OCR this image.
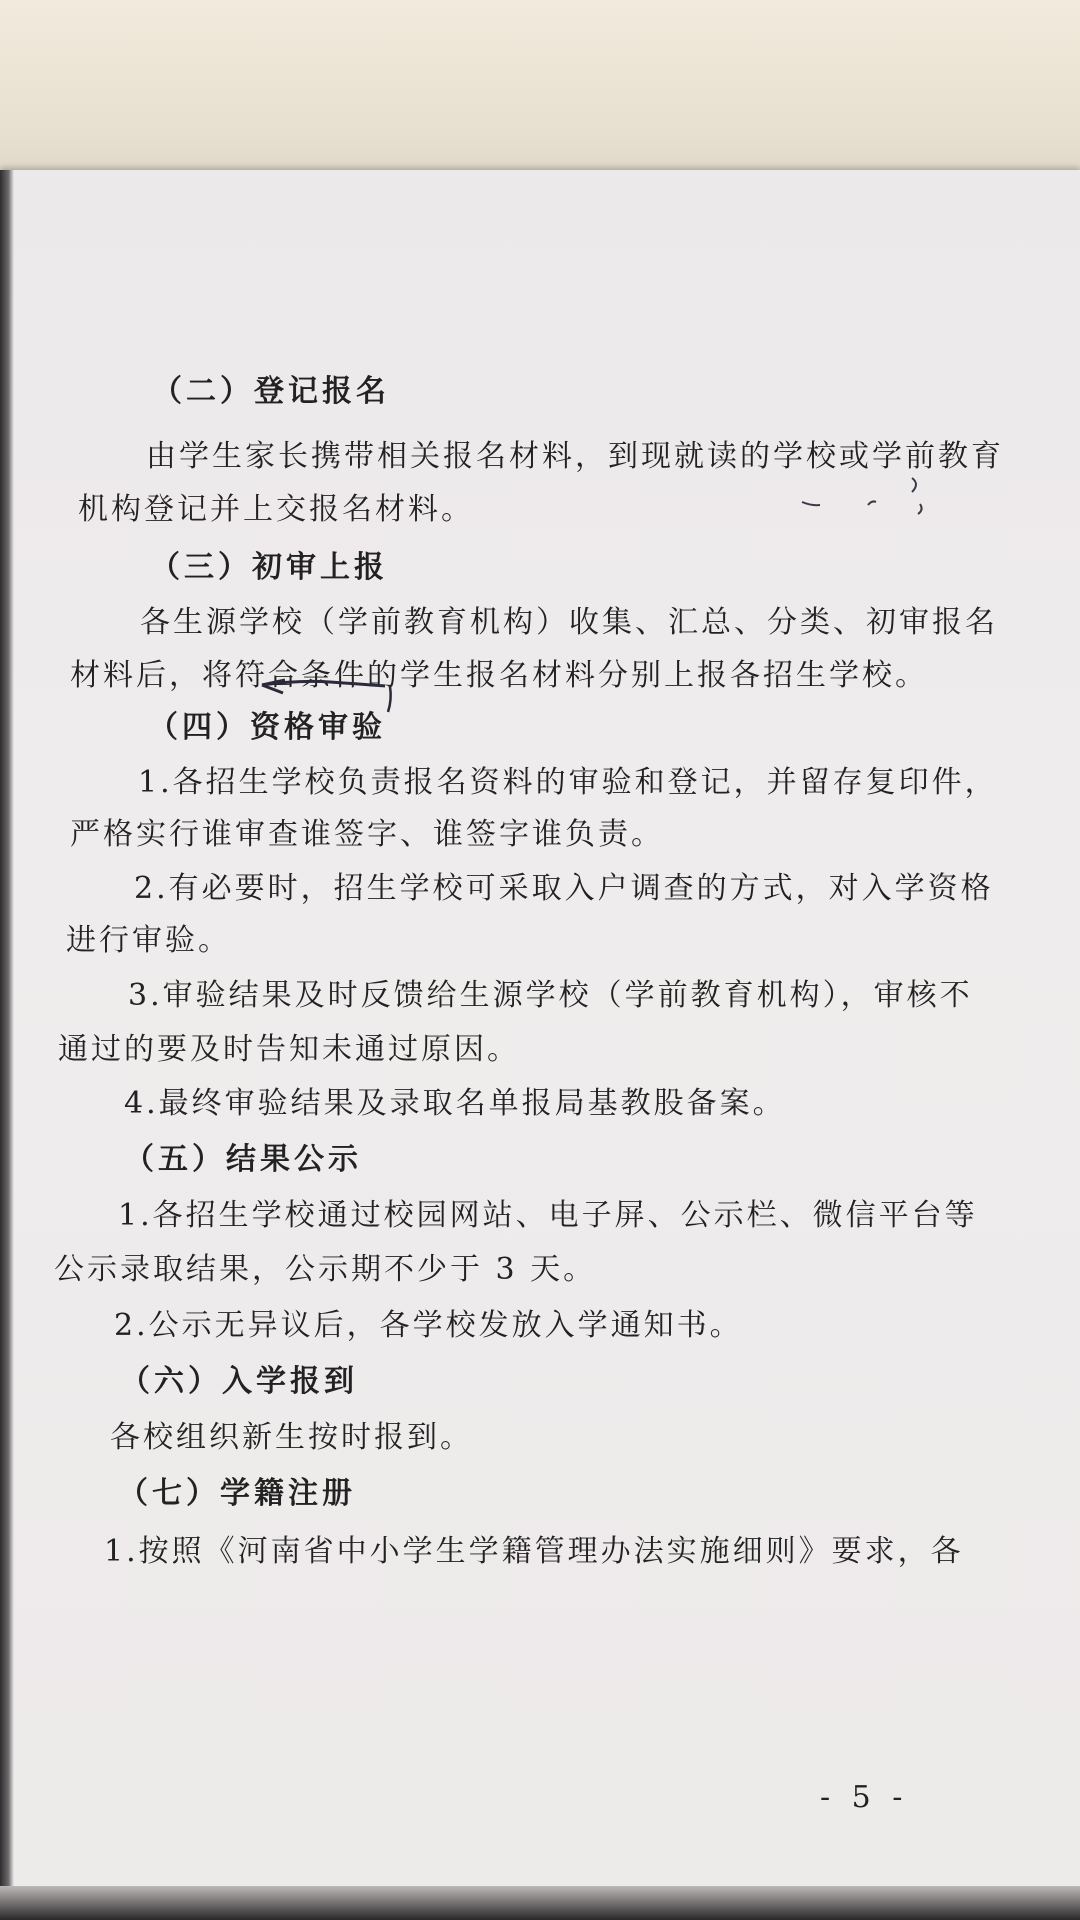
（二）登记报名
由学生家长携带相关报名材料，到现就读的学校或学前教育
机构登记并上交报名材料。
（三）初审上报
各生源学校（学前教育机构）收集、汇总、分类、初审报名
材料后，将符合条件的学生报名材料分别上报各招生学校。
（四）资格审验
1.各招生学校负责报名资料的审验和登记，并留存复印件，
严格实行谁审查谁签字、谁签字谁负责。
2.有必要时，招生学校可采取入户调查的方式，对入学资格
进行审验。
3.审验结果及时反馈给生源学校（学前教育机构），审核不
通过的要及时告知未通过原因。
4.最终审验结果及录取名单报局基教股备案。
（五）结果公示
1.各招生学校通过校园网站、电子屏、公示栏、微信平台等
公示录取结果，公示期不少于 3 天。
2.公示无异议后，各学校发放入学通知书。
（六）入学报到
各校组织新生按时报到。
（七）学籍注册
1.按照《河南省中小学生学籍管理办法实施细则》要求，各
- 5 -
